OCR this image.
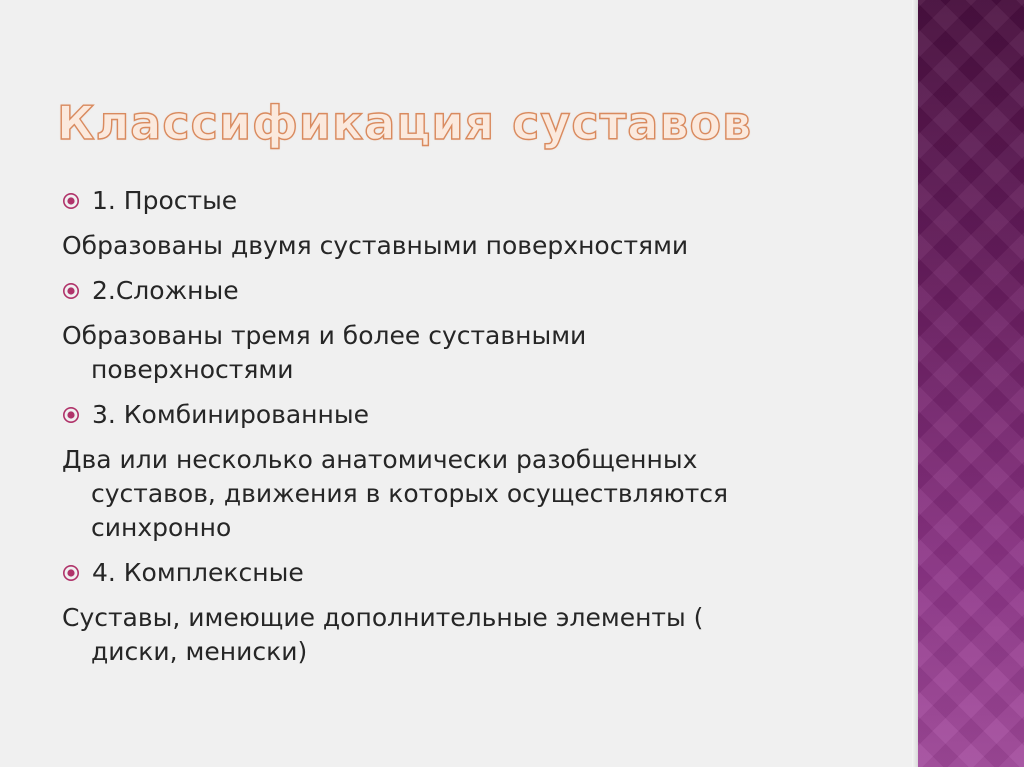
Классификация суставов

1. Простые

Образованы двумя суставными поверхностями

2.Сложные

Образованы тремя и более суставными
поверхностями

3. Комбинированные

Два или несколько анатомически разобщенных
суставов, движения в которых осуществляются
синхронно

4. Комплексные

Суставы, имеющие дополнительные элементы (
диски, мениски)
